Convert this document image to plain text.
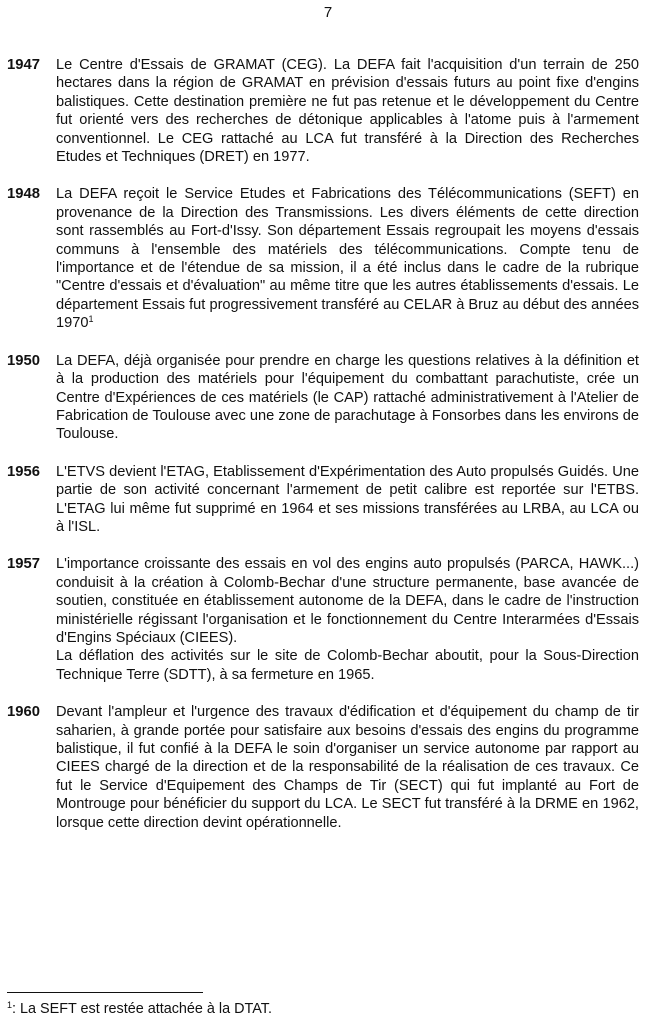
7
1947	Le Centre d'Essais de GRAMAT (CEG). La DEFA fait l'acquisition d'un terrain de 250 hectares dans la région de GRAMAT en prévision d'essais futurs au point fixe d'engins balistiques. Cette destination première ne fut pas retenue et le développement du Centre fut orienté vers des recherches de détonique applicables à l'atome puis à l'armement conventionnel. Le CEG rattaché au LCA fut transféré à la Direction des Recherches Etudes et Techniques (DRET) en 1977.

1948	La DEFA reçoit le Service Etudes et Fabrications des Télécommunications (SEFT) en provenance de la Direction des Transmissions. Les divers éléments de cette direction sont rassemblés au Fort-d'Issy. Son département Essais regroupait les moyens d'essais communs à l'ensemble des matériels des télécommunications. Compte tenu de l'importance et de l'étendue de sa mission, il a été inclus dans le cadre de la rubrique "Centre d'essais et d'évaluation" au même titre que les autres établissements d'essais. Le département Essais fut progressivement transféré au CELAR à Bruz au début des années 1970$^1$

1950	La DEFA, déjà organisée pour prendre en charge les questions relatives à la définition et à la production des matériels pour l'équipement du combattant parachutiste, crée un Centre d'Expériences de ces matériels (le CAP) rattaché administrativement à l'Atelier de Fabrication de Toulouse avec une zone de parachutage à Fonsorbes dans les environs de Toulouse.

1956	L'ETVS devient l'ETAG, Etablissement d'Expérimentation des Auto propulsés Guidés. Une partie de son activité concernant l'armement de petit calibre est reportée sur l'ETBS. L'ETAG lui même fut supprimé en 1964 et ses missions transférées au LRBA, au LCA ou à l'ISL.

1957	L'importance croissante des essais en vol des engins auto propulsés (PARCA, HAWK...) conduisit à la création à Colomb-Bechar d'une structure permanente, base avancée de soutien, constituée en établissement autonome de la DEFA, dans le cadre de l'instruction ministérielle régissant l'organisation et le fonctionnement du Centre Interarmées d'Essais d'Engins Spéciaux (CIEES).

La déflation des activités sur le site de Colomb-Bechar aboutit, pour la Sous-Direction Technique Terre (SDTT), à sa fermeture en 1965.

1960	Devant l'ampleur et l'urgence des travaux d'édification et d'équipement du champ de tir saharien, à grande portée pour satisfaire aux besoins d'essais des engins du programme balistique, il fut confié à la DEFA le soin d'organiser un service autonome par rapport au CIEES chargé de la direction et de la responsabilité de la réalisation de ces travaux. Ce fut le Service d'Equipement des Champs de Tir (SECT) qui fut implanté au Fort de Montrouge pour bénéficier du support du LCA. Le SECT fut transféré à la DRME en 1962, lorsque cette direction devint opérationnelle.

$^1$: La SEFT est restée attachée à la DTAT.
